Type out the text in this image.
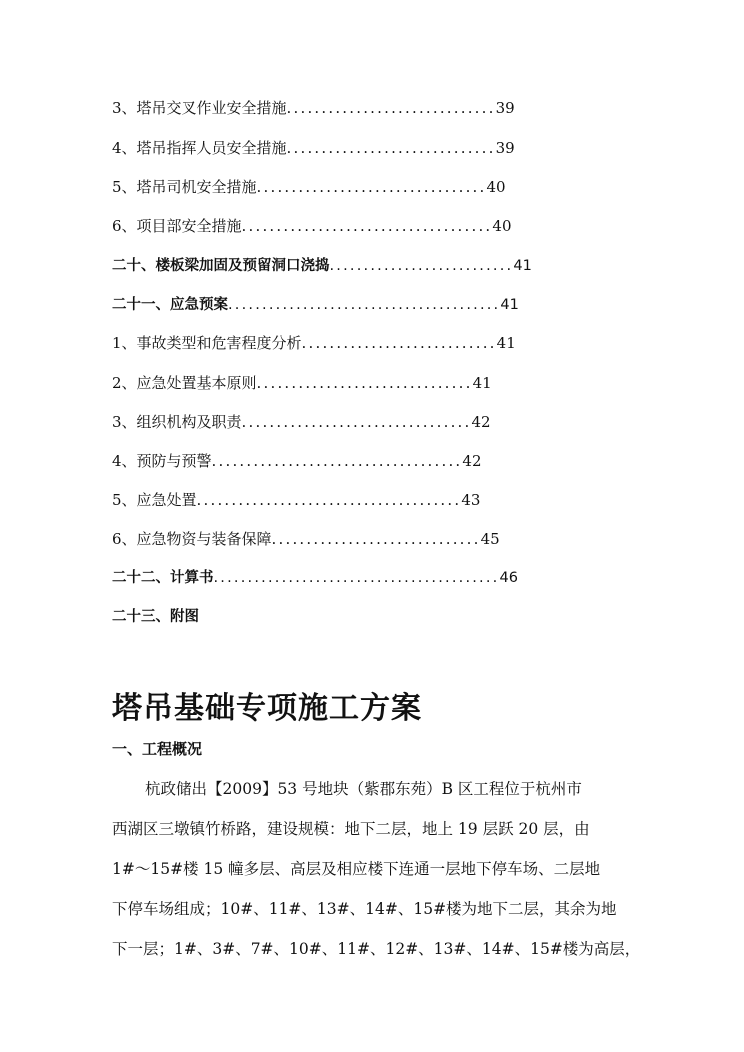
3、塔吊交叉作业安全措施 .............................. 39
4、塔吊指挥人员安全措施 .............................. 39
5、塔吊司机安全措施 ................................. 40
6、项目部安全措施 .................................... 40
二十、楼板梁加固及预留洞口浇捣 ........................... 41
二十一、应急预案 ........................................ 41
1、事故类型和危害程度分析 ............................ 41
2、应急处置基本原则 ............................... 41
3、组织机构及职责 ................................. 42
4、预防与预警 .................................... 42
5、应急处置 ...................................... 43
6、应急物资与装备保障 .............................. 45
二十二、计算书 .......................................... 46
二十三、附图
塔吊基础专项施工方案
一、工程概况
杭政储出【2009】53 号地块（紫郡东苑）B 区工程位于杭州市
西湖区三墩镇竹桥路，建设规模：地下二层，地上 19 层跃 20 层，由
1#～15#楼 15 幢多层、高层及相应楼下连通一层地下停车场、二层地
下停车场组成；10#、11#、13#、14#、15#楼为地下二层，其余为地
下一层；1#、3#、7#、10#、11#、12#、13#、14#、15#楼为高层，
